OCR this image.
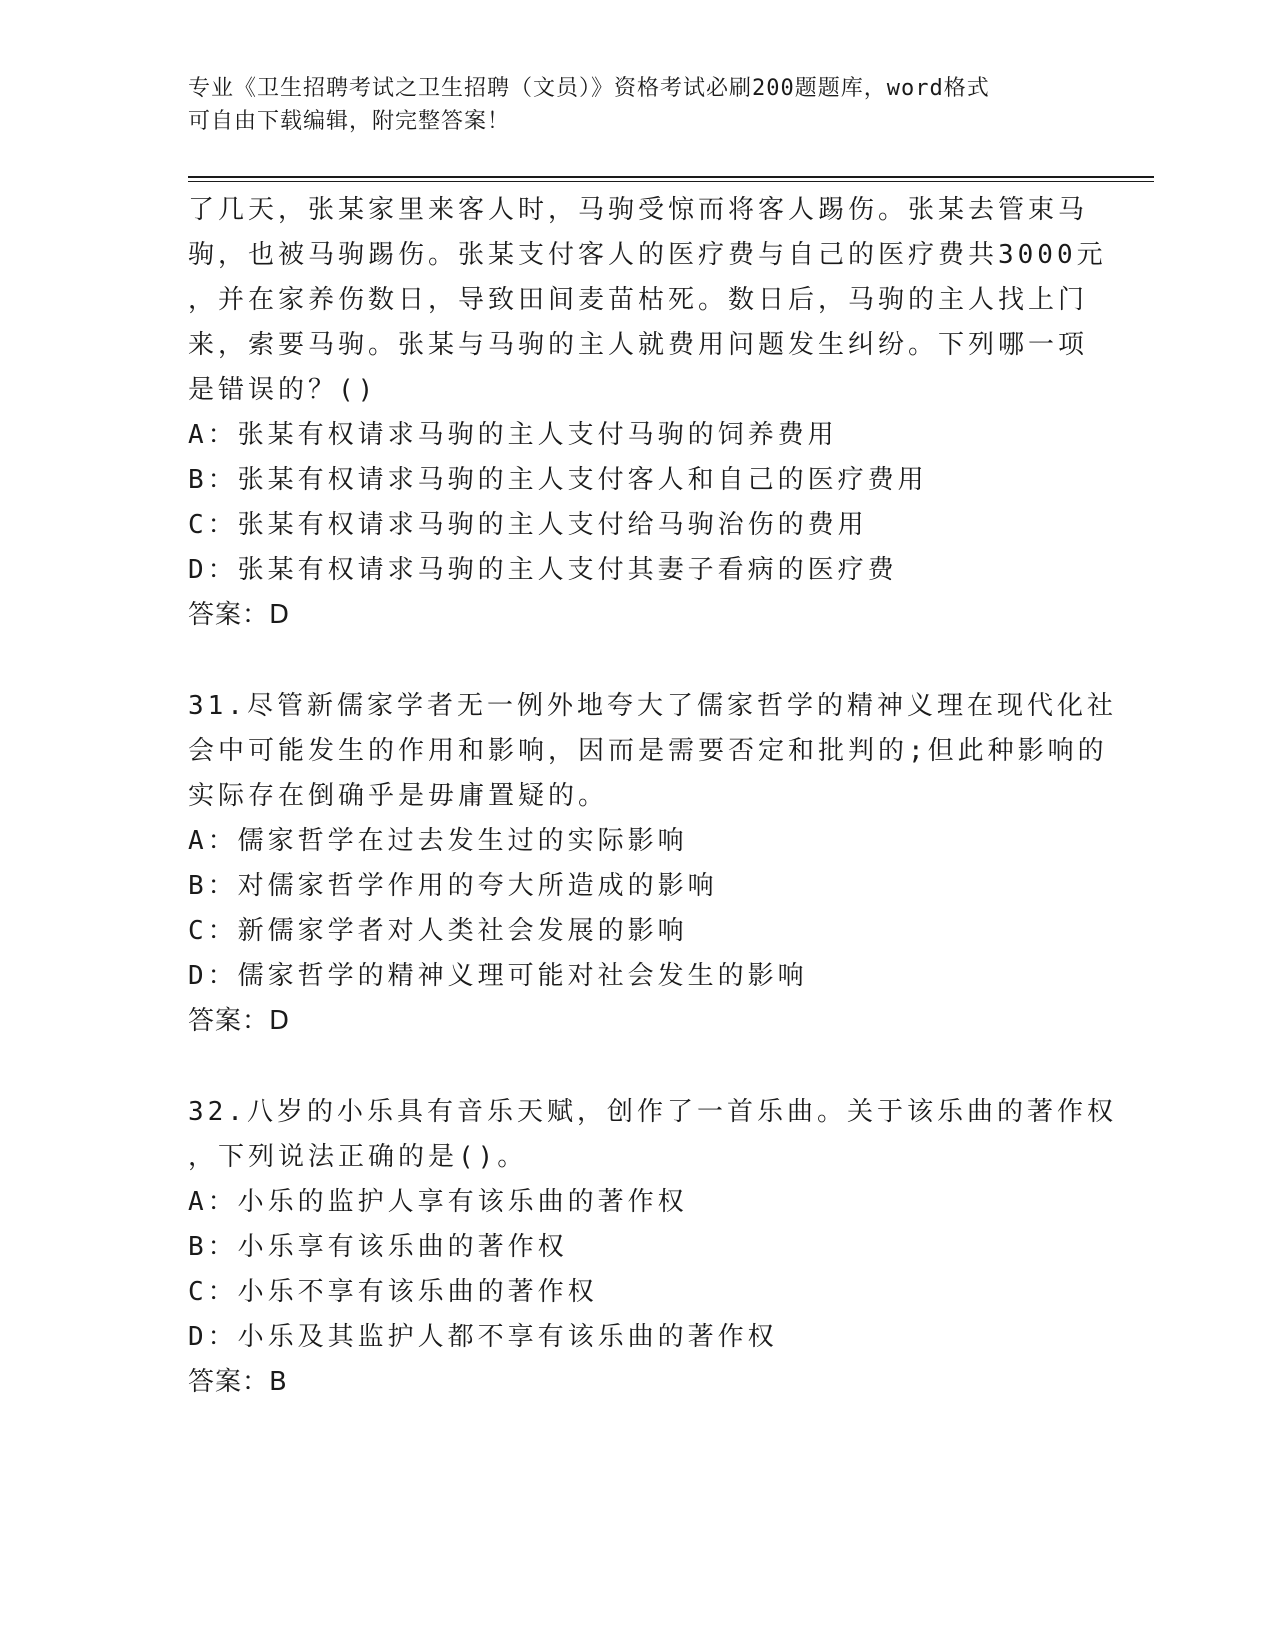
专业《卫生招聘考试之卫生招聘（文员）》资格考试必刷200题题库，word格式
可自由下载编辑，附完整答案！

了几天，张某家里来客人时，马驹受惊而将客人踢伤。张某去管束马

驹，也被马驹踢伤。张某支付客人的医疗费与自己的医疗费共3000元

，并在家养伤数日，导致田间麦苗枯死。数日后，马驹的主人找上门

来，索要马驹。张某与马驹的主人就费用问题发生纠纷。下列哪一项

是错误的？()

A：张某有权请求马驹的主人支付马驹的饲养费用

B：张某有权请求马驹的主人支付客人和自己的医疗费用

C：张某有权请求马驹的主人支付给马驹治伤的费用

D：张某有权请求马驹的主人支付其妻子看病的医疗费

答案：D

31.尽管新儒家学者无一例外地夸大了儒家哲学的精神义理在现代化社

会中可能发生的作用和影响，因而是需要否定和批判的;但此种影响的

实际存在倒确乎是毋庸置疑的。

A：儒家哲学在过去发生过的实际影响

B：对儒家哲学作用的夸大所造成的影响

C：新儒家学者对人类社会发展的影响

D：儒家哲学的精神义理可能对社会发生的影响

答案：D

32.八岁的小乐具有音乐天赋，创作了一首乐曲。关于该乐曲的著作权

，下列说法正确的是()。

A：小乐的监护人享有该乐曲的著作权

B：小乐享有该乐曲的著作权

C：小乐不享有该乐曲的著作权

D：小乐及其监护人都不享有该乐曲的著作权

答案：B
